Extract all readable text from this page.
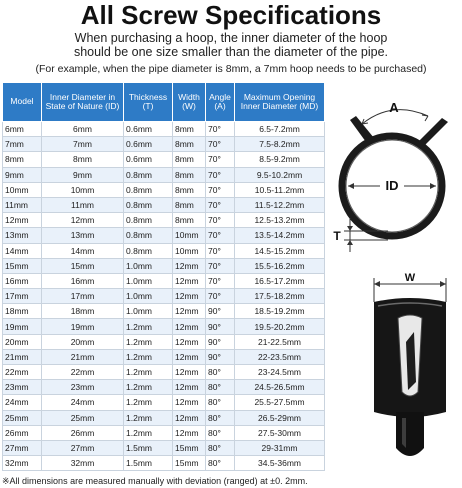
All Screw Specifications
When purchasing a hoop, the inner diameter of the hoop
should be one size smaller than the diameter of the pipe.
(For example, when the pipe diameter is 8mm, a 7mm hoop needs to be purchased)
Model	Inner Diameter in State of Nature (ID)	Thickness (T)	Width (W)	Angle (A)	Maximum Opening Inner Diameter (MD)
6mm	6mm	0.6mm	8mm	70°	6.5-7.2mm
7mm	7mm	0.6mm	8mm	70°	7.5-8.2mm
8mm	8mm	0.6mm	8mm	70°	8.5-9.2mm
9mm	9mm	0.8mm	8mm	70°	9.5-10.2mm
10mm	10mm	0.8mm	8mm	70°	10.5-11.2mm
11mm	11mm	0.8mm	8mm	70°	11.5-12.2mm
12mm	12mm	0.8mm	8mm	70°	12.5-13.2mm
13mm	13mm	0.8mm	10mm	70°	13.5-14.2mm
14mm	14mm	0.8mm	10mm	70°	14.5-15.2mm
15mm	15mm	1.0mm	12mm	70°	15.5-16.2mm
16mm	16mm	1.0mm	12mm	70°	16.5-17.2mm
17mm	17mm	1.0mm	12mm	70°	17.5-18.2mm
18mm	18mm	1.0mm	12mm	90°	18.5-19.2mm
19mm	19mm	1.2mm	12mm	90°	19.5-20.2mm
20mm	20mm	1.2mm	12mm	90°	21-22.5mm
21mm	21mm	1.2mm	12mm	90°	22-23.5mm
22mm	22mm	1.2mm	12mm	80°	23-24.5mm
23mm	23mm	1.2mm	12mm	80°	24.5-26.5mm
24mm	24mm	1.2mm	12mm	80°	25.5-27.5mm
25mm	25mm	1.2mm	12mm	80°	26.5-29mm
26mm	26mm	1.2mm	12mm	80°	27.5-30mm
27mm	27mm	1.5mm	15mm	80°	29-31mm
32mm	32mm	1.5mm	15mm	80°	34.5-36mm
※All dimensions are measured manually with deviation (ranged) at ±0. 2mm.
A
ID
T
W
